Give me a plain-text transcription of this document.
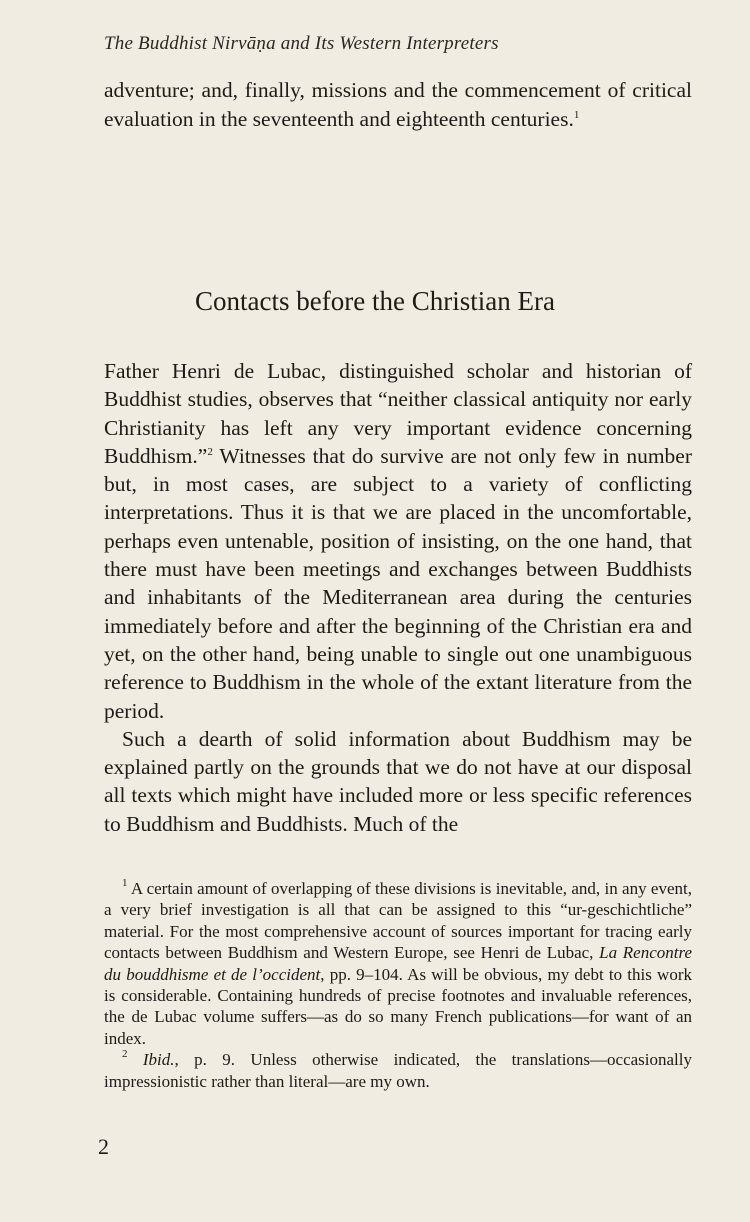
The Buddhist Nirvāṇa and Its Western Interpreters
adventure; and, finally, missions and the commencement of critical evaluation in the seventeenth and eighteenth centuries.$^1$
Contacts before the Christian Era

Father Henri de Lubac, distinguished scholar and historian of Buddhist studies, observes that “neither classical antiquity nor early Christianity has left any very important evidence concerning Buddhism.”$^2$ Witnesses that do survive are not only few in number but, in most cases, are subject to a variety of conflicting interpretations. Thus it is that we are placed in the uncomfortable, perhaps even untenable, position of insisting, on the one hand, that there must have been meetings and exchanges between Buddhists and inhabitants of the Mediterranean area during the centuries immediately before and after the beginning of the Christian era and yet, on the other hand, being unable to single out one unambiguous reference to Buddhism in the whole of the extant literature from the period.

Such a dearth of solid information about Buddhism may be explained partly on the grounds that we do not have at our disposal all texts which might have included more or less specific references to Buddhism and Buddhists. Much of the

$^1$ A certain amount of overlapping of these divisions is inevitable, and, in any event, a very brief investigation is all that can be assigned to this “ur-geschichtliche” material. For the most comprehensive account of sources important for tracing early contacts between Buddhism and Western Europe, see Henri de Lubac, La Rencontre du bouddhisme et de l’occident, pp. 9–104. As will be obvious, my debt to this work is considerable. Containing hundreds of precise footnotes and invaluable references, the de Lubac volume suffers—as do so many French publications—for want of an index.

$^2$ Ibid., p. 9. Unless otherwise indicated, the translations—occasionally impressionistic rather than literal—are my own.

2
